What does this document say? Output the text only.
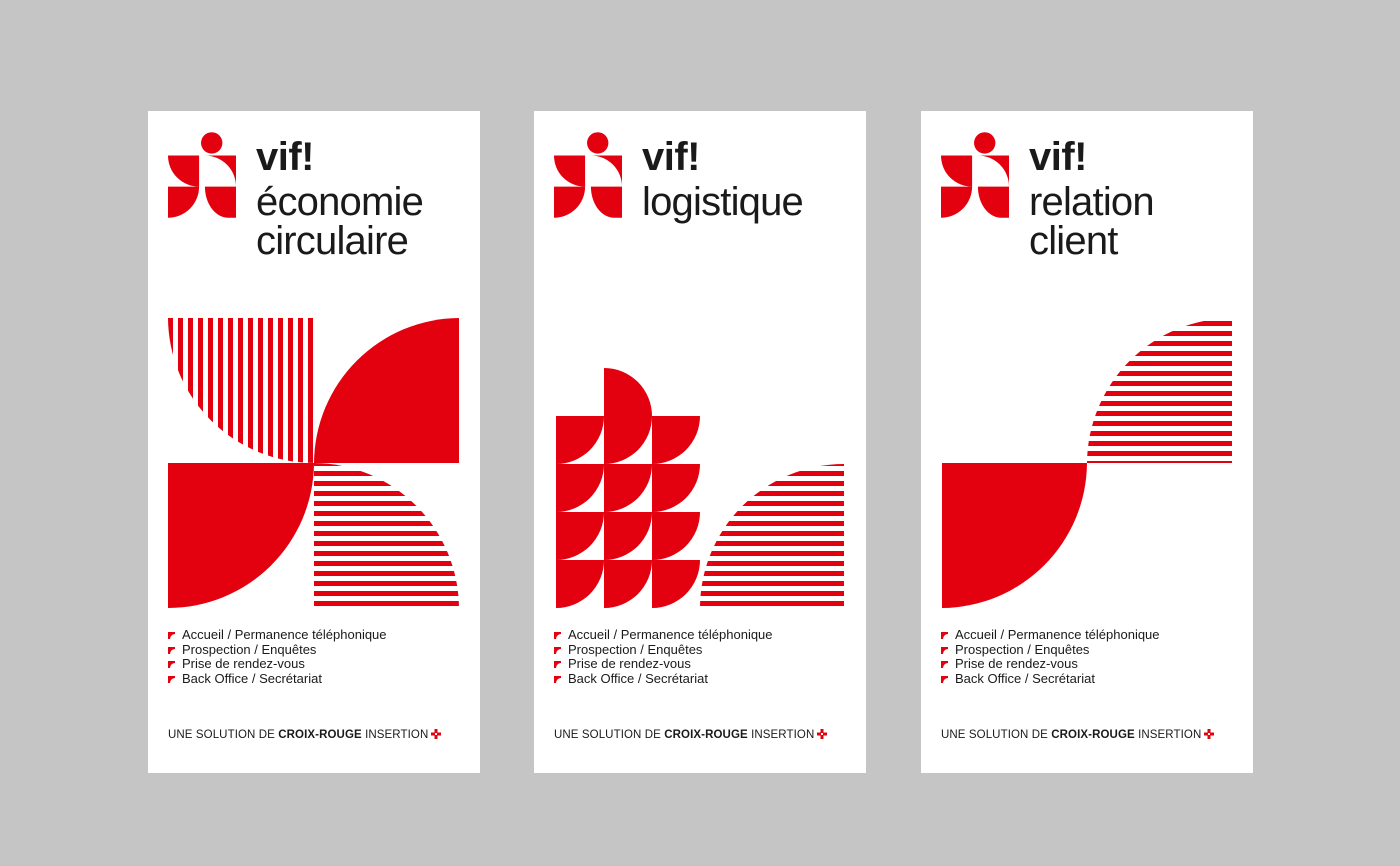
vif!
économie
circulaire
Accueil / Permanence téléphonique
Prospection / Enquêtes
Prise de rendez-vous
Back Office / Secrétariat
UNE SOLUTION DE CROIX-ROUGE INSERTION
vif!
logistique
Accueil / Permanence téléphonique
Prospection / Enquêtes
Prise de rendez-vous
Back Office / Secrétariat
UNE SOLUTION DE CROIX-ROUGE INSERTION
vif!
relation
client
Accueil / Permanence téléphonique
Prospection / Enquêtes
Prise de rendez-vous
Back Office / Secrétariat
UNE SOLUTION DE CROIX-ROUGE INSERTION
